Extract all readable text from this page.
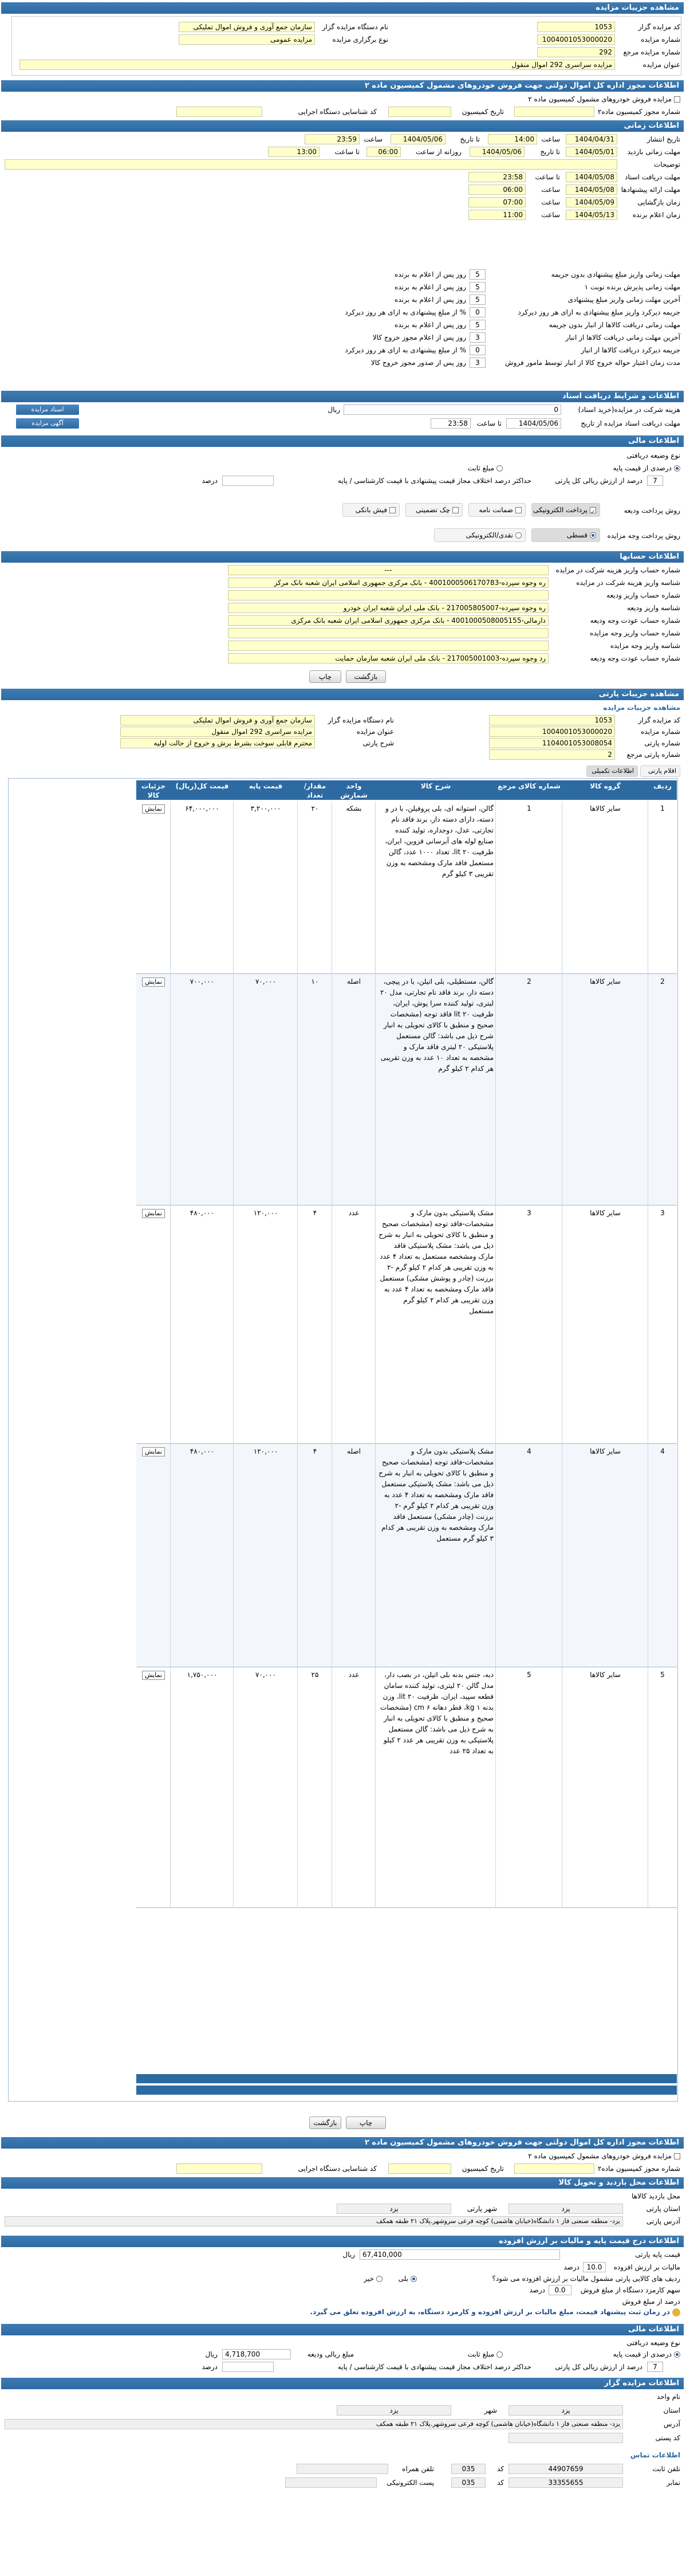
مشاهده جزییات مزایده
کد مزایده گزار
1053
نام دستگاه مزایده گزار
سازمان جمع آوری و فروش اموال تملیکی
شماره مزایده
1004001053000020
نوع برگزاری مزایده
مزایده عمومی
شماره مزایده مرجع
292
عنوان مزایده
مزایده سراسری 292 اموال منقول
اطلاعات مجوز اداره کل اموال دولتی جهت فروش خودروهای مشمول کمیسیون ماده ۲
مزایده فروش خودروهای مشمول کمیسیون ماده ۲
شماره مجوز کمیسیون ماده۲
تاریخ کمیسیون
کد شناسایی دستگاه اجرایی
اطلاعات زمانی
تاریخ انتشار
1404/04/31
ساعت
14:00
تا تاریخ
1404/05/06
ساعت
23:59
مهلت زمانی بازدید
1404/05/01
تا تاریخ
1404/05/06
روزانه از ساعت
06:00
تا ساعت
13:00
توضیحات
مهلت دریافت اسناد
1404/05/08
تا ساعت
23:58
مهلت ارائه پیشنهادها
1404/05/08
ساعت
06:00
زمان بازگشایی
1404/05/09
ساعت
07:00
زمان اعلام برنده
1404/05/13
ساعت
11:00
مهلت زمانی واریز مبلغ پیشنهادی بدون جریمه
5
روز پس از اعلام به برنده
مهلت زمانی پذیرش برنده نوبت ۱
5
روز پس از اعلام به برنده
آخرین مهلت زمانی واریز مبلغ پیشنهادی
5
روز پس از اعلام به برنده
جریمه دیرکرد واریز مبلغ پیشنهادی به ازای هر روز دیرکرد
0
% از مبلغ پیشنهادی به ازای هر روز دیرکرد
مهلت زمانی دریافت کالاها از انبار بدون جریمه
5
روز پس از اعلام به برنده
آخرین مهلت زمانی دریافت کالاها از انبار
3
روز پس از اعلام مجوز خروج کالا
جریمه دیرکرد دریافت کالاها از انبار
0
% از مبلغ پیشنهادی به ازای هر روز دیرکرد
مدت زمان اعتبار حواله خروج کالا از انبار توسط مامور فروش
3
روز پس از صدور مجوز خروج کالا
اطلاعات و شرایط دریافت اسناد
هزینه شرکت در مزایده(خرید اسناد)
0
ریال
مهلت دریافت اسناد مزایده از تاریخ
1404/05/06
تا ساعت
23:58
اسناد مزایده
آگهی مزایده
اطلاعات مالی
نوع وضیعه دریافتی
درصدی از قیمت پایه
مبلغ ثابت
7
درصد از ارزش ریالی کل پارتی
حداکثر درصد اختلاف مجاز قیمت پیشنهادی با قیمت کارشناسی / پایه
درصد
روش پرداخت ودیعه
✓پرداخت الکترونیکی
ضمانت نامه
چک تضمینی
فیش بانکی
روش پرداخت وجه مزایده
قسطی
نقدی/الکترونیکی
اطلاعات حسابها
شماره حساب واریز هزینه شرکت در مزایده
---
شناسه واریز هزینه شرکت در مزایده
ره وجوه سپرده-4001000506170783 - بانک مرکزی جمهوری اسلامی ایران شعبه بانک مرکز
شماره حساب واریز ودیعه
شناسه واریز ودیعه
ره وجوه سپرده-217005805007 - بانک ملی ایران شعبه ایران خودرو
شماره حساب عودت وجه ودیعه
دارمالی-4001000508005155 - بانک مرکزی جمهوری اسلامی ایران شعبه بانک مرکزی
شماره حساب واریز وجه مزایده
شناسه واریز وجه مزایده
شماره حساب عودت وجه ودیعه
رد وجوه سپرده-217005001003 - بانک ملی ایران شعبه سازمان حمایت
چاپ	بازگشت
مشاهده جزییات پارتی
مشاهده جزییات مزایده
کد مزایده گزار
1053
نام دستگاه مزایده گزار
سازمان جمع آوری و فروش اموال تملیکی
شماره مزایده
1004001053000020
عنوان مزایده
مزایده سراسری 292 اموال منقول
شماره پارتی
1104001053008054
شرح پارتی
محترم قابلی سوخت بشرط برش و خروج از حالت اولیه
شماره پارتی مرجع
2
اقلام پارتی
اطلاعات تکمیلی
ردیف
گروه کالا
شماره کالای مرجع
شرح کالا
واحد شمارش
مقدار/ تعداد
قیمت پایه
قیمت کل(ریال)
جزئیات کالا
1
سایر کالاها
1
گالن، استوانه ای، بلی پروفیلن، با در و دسته، دارای دسته دار، برند فاقد نام تجارتی، عدل، دوجداره، تولید کننده صنایع لوله های آبرسانی قزوین، ایران، ظرفیت ۲۰ lit، تعداد ۱۰۰۰ عدد، گالن مستعمل فاقد مارک ومشخصه به وزن تقریبی ۳ کیلو گرم
بشکه
۲۰
۳,۲۰۰,۰۰۰
۶۴,۰۰۰,۰۰۰
نمایش
2
سایر کالاها
2
گالن، مستطیلی، بلی اتیلن، با در پیچی، دسته دار، برند فاقد نام تجارتی، مدل ۲۰ لیتری، تولید کننده سرا پوش، ایران، ظرفیت ۲۰ lit فاقد توجه (مشخصات صحیح و منطبق با کالای تحویلی به انبار شرح ذیل می باشد: گالن مستعمل پلاستیکی ۲۰ لیتری فاقد مارک و مشخصه به تعداد ۱۰ عدد به وزن تقریبی هر کدام ۲ کیلو گرم
اصله
۱۰
۷۰,۰۰۰
۷۰۰,۰۰۰
نمایش
3
سایر کالاها
3
مشک پلاستیکی بدون مارک و مشخصات-فاقد توجه (مشخصات صحیح و منطبق با کالای تحویلی به انبار به شرح ذیل می باشد: مشک پلاستیکی فاقد مارک ومشخصه مستعمل به تعداد ۴ عدد به وزن تقریبی هر کدام ۲ کیلو گرم -۲ برزنت (چادر و پوشش مشکی) مستعمل فاقد مارک ومشخصه به تعداد ۴ عدد به وزن تقریبی هر کدام ۲ کیلو گرم مستعمل
عدد
۴
۱۲۰,۰۰۰
۴۸۰,۰۰۰
نمایش
4
سایر کالاها
4
مشک پلاستیکی بدون مارک و مشخصات-فاقد توجه (مشخصات صحیح و منطبق با کالای تحویلی به انبار به شرح ذیل می باشد: مشک پلاستیکی مستعمل فاقد مارک ومشخصه به تعداد ۴ عدد به وزن تقریبی هر کدام ۲ کیلو گرم -۲ برزنت (چادر مشکی) مستعمل فاقد مارک ومشخصه به وزن تقریبی هر کدام ۳ کیلو گرم مستعمل
اصله
۴
۱۲۰,۰۰۰
۴۸۰,۰۰۰
نمایش
5
سایر کالاها
5
دبه، جنس بدنه بلی اتیلن، در بصب دار، مدل گالن ۲۰ لیتری، تولید کننده سامان قطعه سپید، ایران، ظرفیت ۲۰ lit، وزن بدنه ۱ kg، قطر دهانه ۶ cm (مشخصات صحیح و منطبق با کالای تحویلی به انبار به شرح ذیل می باشد: گالن مستعمل پلاستیکی به وزن تقریبی هر عدد ۲ کیلو به تعداد ۲۵ عدد
عدد
۲۵
۷۰,۰۰۰
۱,۷۵۰,۰۰۰
نمایش
بازگشت	چاپ
اطلاعات مجوز اداره کل اموال دولتی جهت فروش خودروهای مشمول کمیسیون ماده ۲
مزایده فروش خودروهای مشمول کمیسیون ماده ۲
شماره مجوز کمیسیون ماده۲
تاریخ کمیسیون
کد شناسایی دستگاه اجرایی
اطلاعات محل بازدید و تحویل کالا
محل بازدید کالاها
استان پارتی
یزد
شهر پارتی
یزد
آدرس پارتی
یزد- منطقه صنعتی فاز ۱ دانشگاه(خیابان هاشمی) کوچه فرعی سروشهر.پلاک ۲۱ طبقه همکف
اطلاعات درج قیمت پایه و مالیات بر ارزش افزوده
قیمت پایه پارتی
67,410,000
ریال
مالیات بر ارزش افزوده
10.0
درصد
ردیف های کالایی پارتی مشمول مالیات بر ارزش افزوده می شود؟
بلی
خیر
سهم کارمزد دستگاه از مبلغ فروش
0.0
درصد
درصد از مبلغ فروش
در زمان ثبت پیشنهاد قیمت، مبلغ مالیات بر ارزش افزوده و کارمزد دستگاه، به ارزش افزوده تعلق می گیرد.
اطلاعات مالی
نوع وضیعه دریافتی
درصدی از قیمت پایه
مبلغ ثابت
مبلغ ریالی ودیعه
4,718,700
ریال
7
درصد از ارزش ریالی کل پارتی
حداکثر درصد اختلاف مجاز قیمت پیشنهادی با قیمت کارشناسی / پایه
درصد
اطلاعات مزایده گزار
نام واحد
استان
یزد
شهر
یزد
آدرس
یزد- منطقه صنعتی فاز ۱ دانشگاه(خیابان هاشمی) کوچه فرعی سروشهر.پلاک ۲۱ طبقه همکف
کد پستی
اطلاعات تماس
تلفن ثابت
44907659
کد
035
تلفن همراه
نمابر
33355655
کد
035
پست الکترونیکی
